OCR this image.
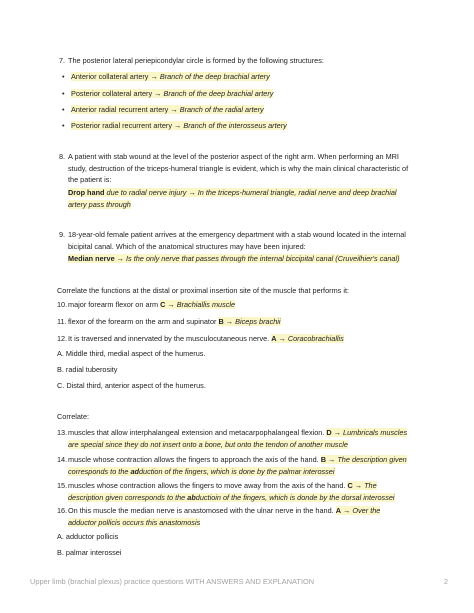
7. The posterior lateral periepicondylar circle is formed by the following structures:
• Anterior collateral artery → Branch of the deep brachial artery
• Posterior collateral artery → Branch of the deep brachial artery
• Anterior radial recurrent artery → Branch of the radial artery
• Posterior radial recurrent artery → Branch of the interosseus artery
8. A patient with stab wound at the level of the posterior aspect of the right arm. When performing an MRI
study, destruction of the triceps-humeral triangle is evident, which is why the main clinical characteristic of
the patient is:
Drop hand due to radial nerve injury → In the triceps-humeral triangle, radial nerve and deep brachial
artery pass through
9. 18-year-old female patient arrives at the emergency department with a stab wound located in the internal
bicipital canal. Which of the anatomical structures may have been injured:
Median nerve → Is the only nerve that passes through the internal biccipital canal (Cruveilhier's canal)
Correlate the functions at the distal or proximal insertion site of the muscle that performs it:
10. major forearm flexor on arm C → Brachiallis muscle
11. flexor of the forearm on the arm and supinator B → Biceps brachii
12. It is traversed and innervated by the musculocutaneous nerve. A → Coracobrachiallis
A. Middle third, medial aspect of the humerus.
B. radial tuberosity
C. Distal third, anterior aspect of the humerus.
Correlate:
13. muscles that allow interphalangeal extension and metacarpophalangeal flexion. D → Lumbricals muscles
are special since they do not insert onto a bone, but onto the tendon of another muscle
14. muscle whose contraction allows the fingers to approach the axis of the hand. B → The description given
corresponds to the adduction of the fingers, which is done by the palmar interossei
15. muscles whose contraction allows the fingers to move away from the axis of the hand. C → The
description given corresponds to the abductioin of the fingers, which is donde by the dorsal interossei
16. On this muscle the median nerve is anastomosed with the ulnar nerve in the hand. A → Over the
adductor pollicis occurs this anastomosis
A. adductor pollicis
B. palmar interossei
Upper limb (brachial plexus) practice questions WITH ANSWERS AND EXPLANATION	2
